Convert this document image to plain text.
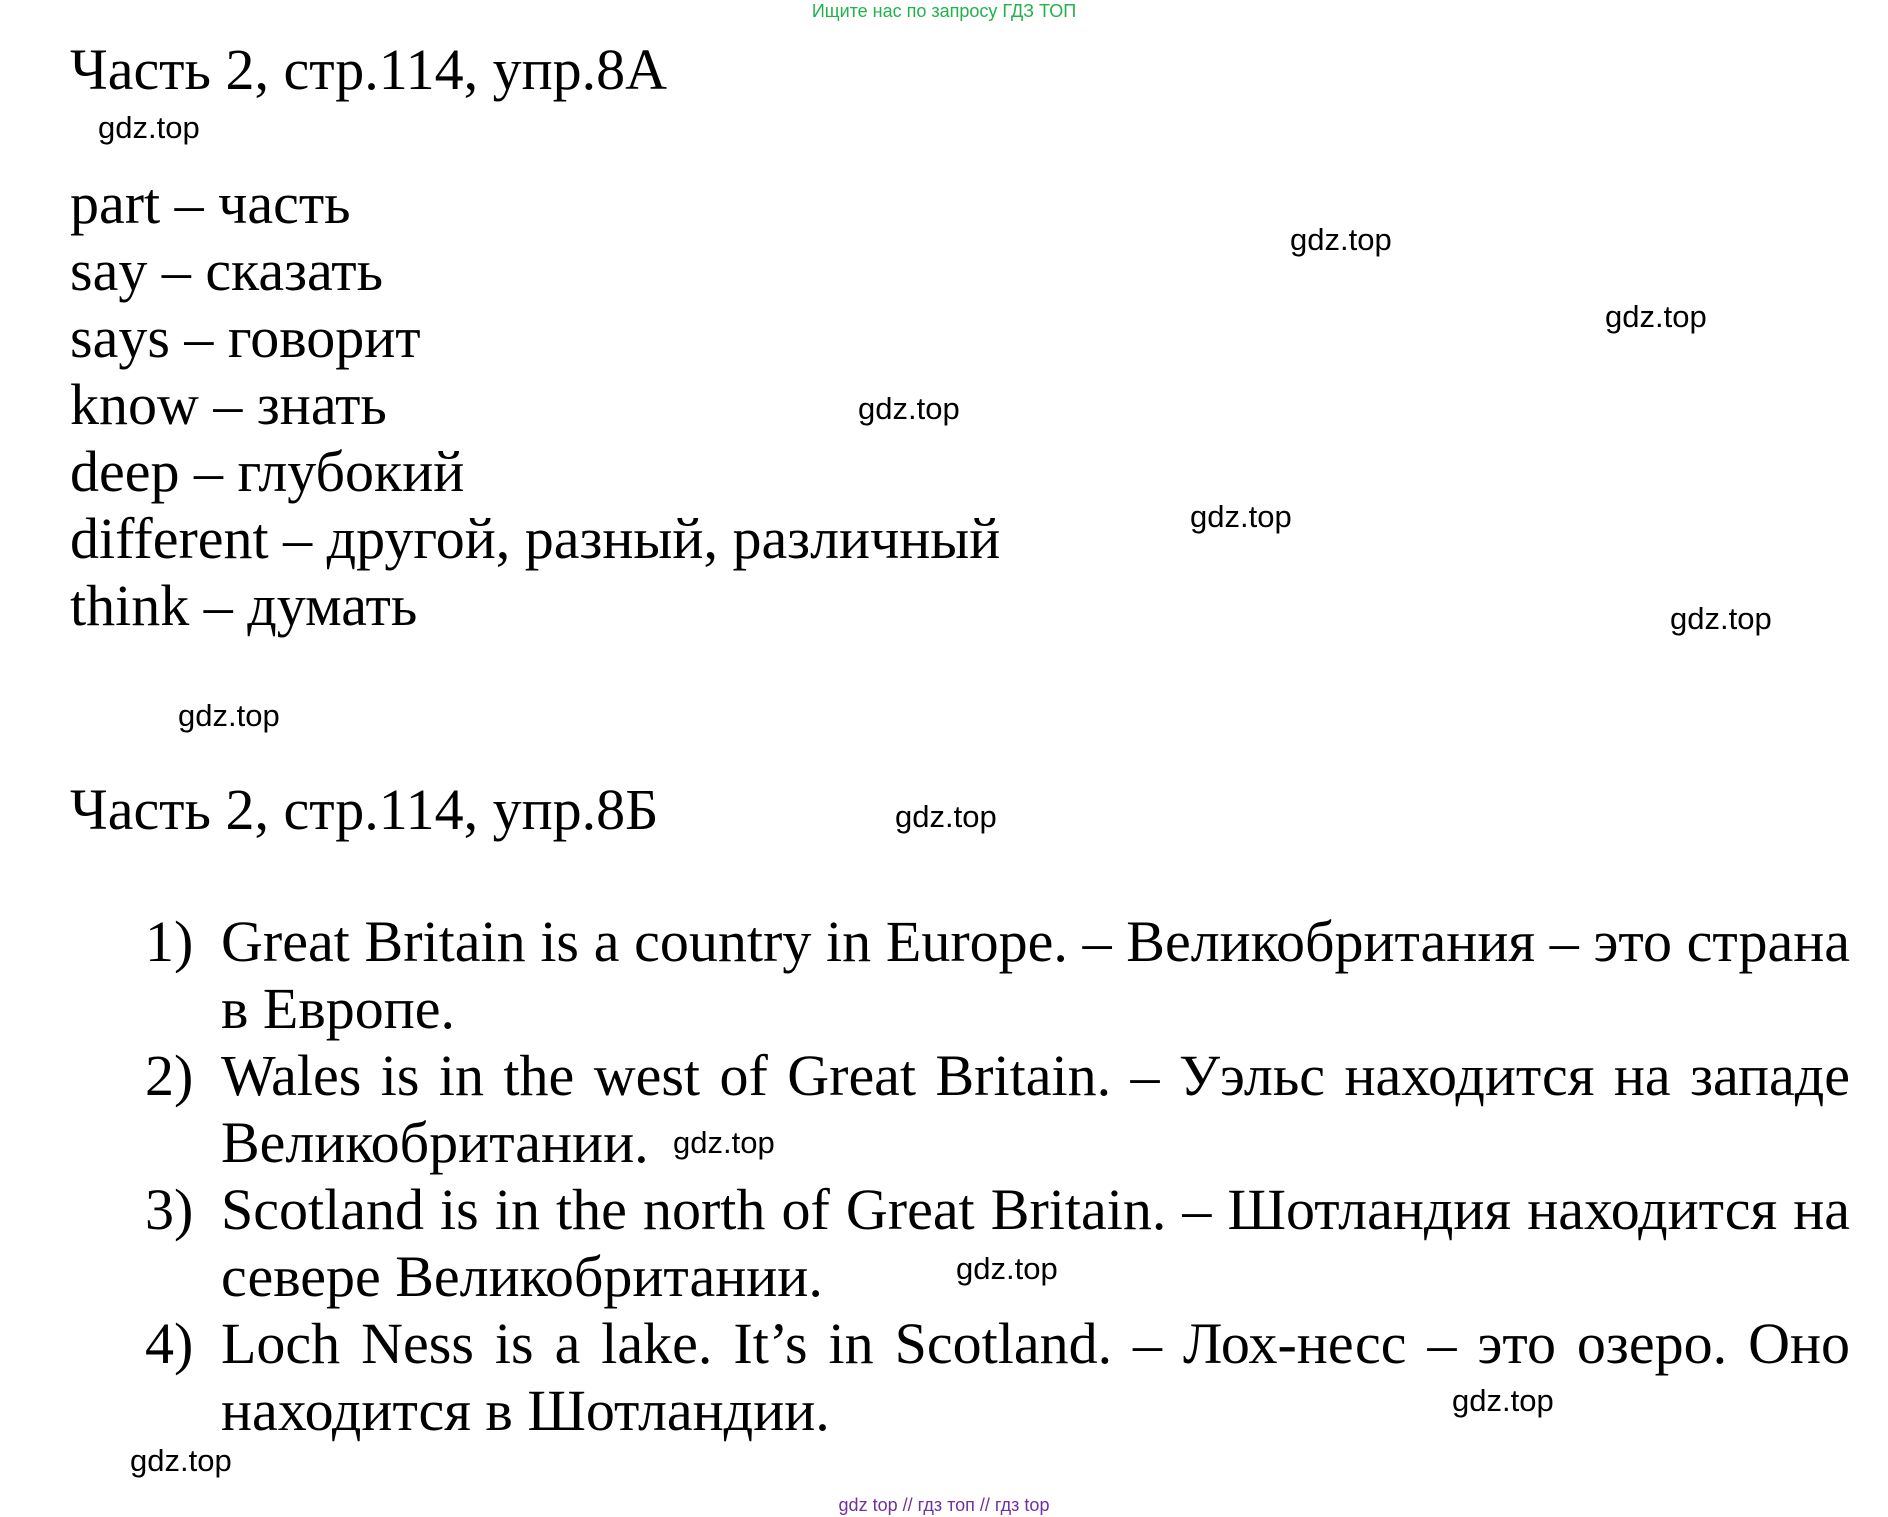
Ищите нас по запросу ГДЗ ТОП
Часть 2, стр.114, упр.8А
part – часть
say – сказать
says – говорит
know – знать
deep – глубокий
different – другой, разный, различный
think – думать
Часть 2, стр.114, упр.8Б
1) Great Britain is a country in Europe. – Великобритания – это страна в Европе.
2) Wales is in the west of Great Britain. – Уэльс находится на западе Великобритании.
3) Scotland is in the north of Great Britain. – Шотландия находится на севере Великобритании.
4) Loch Ness is a lake. It’s in Scotland. – Лох-несс – это озеро. Оно находится в Шотландии.
gdz.top
gdz.top
gdz.top
gdz.top
gdz.top
gdz.top
gdz.top
gdz.top
gdz.top
gdz.top
gdz.top
gdz.top
gdz top // гдз топ // гдз top
